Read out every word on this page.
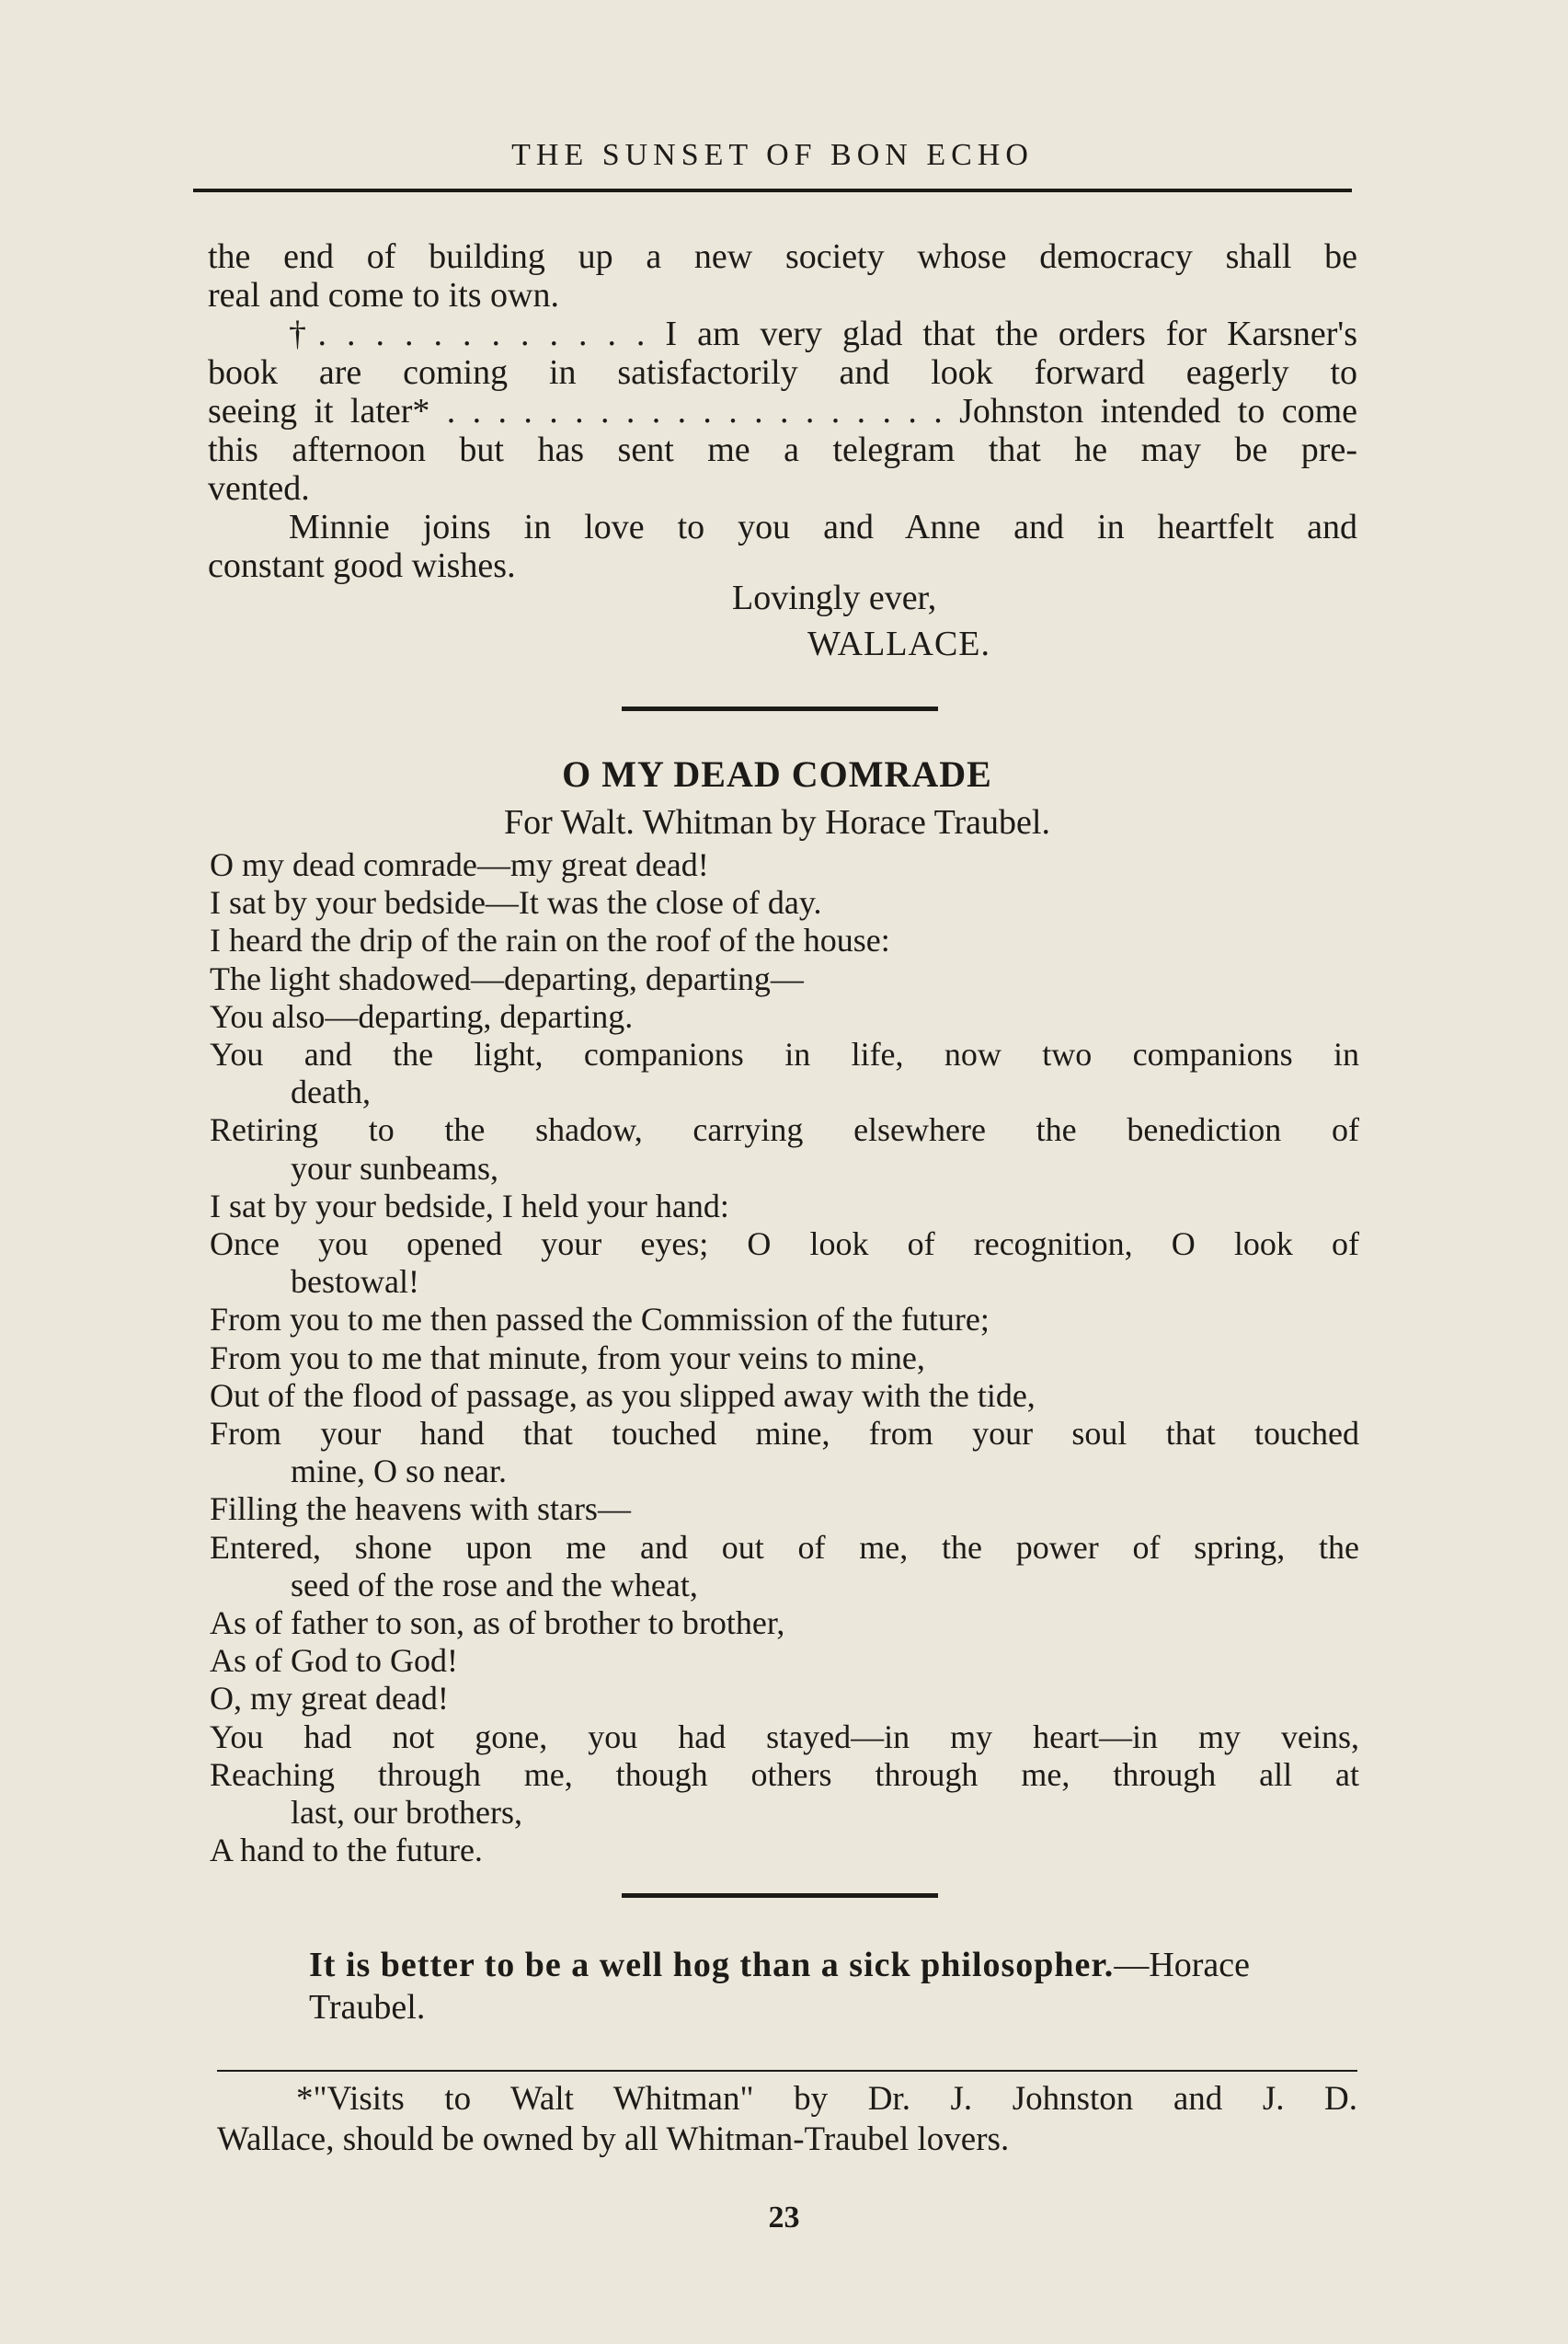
THE SUNSET OF BON ECHO
the end of building up a new society whose democracy shall be
real and come to its own.
†. . . . . . . . . . . . I am very glad that the orders for Karsner's
book are coming in satisfactorily and look forward eagerly to
seeing it later* . . . . . . . . . . . . . . . . . . . . Johnston intended to come
this afternoon but has sent me a telegram that he may be pre-
vented.
Minnie joins in love to you and Anne and in heartfelt and
constant good wishes.
Lovingly ever,
WALLACE.
O MY DEAD COMRADE
For Walt. Whitman by Horace Traubel.
O my dead comrade—my great dead!
I sat by your bedside—It was the close of day.
I heard the drip of the rain on the roof of the house:
The light shadowed—departing, departing—
You also—departing, departing.
You and the light, companions in life, now two companions in
death,
Retiring to the shadow, carrying elsewhere the benediction of
your sunbeams,
I sat by your bedside, I held your hand:
Once you opened your eyes; O look of recognition, O look of
bestowal!
From you to me then passed the Commission of the future;
From you to me that minute, from your veins to mine,
Out of the flood of passage, as you slipped away with the tide,
From your hand that touched mine, from your soul that touched
mine, O so near.
Filling the heavens with stars—
Entered, shone upon me and out of me, the power of spring, the
seed of the rose and the wheat,
As of father to son, as of brother to brother,
As of God to God!
O, my great dead!
You had not gone, you had stayed—in my heart—in my veins,
Reaching through me, though others through me, through all at
last, our brothers,
A hand to the future.
It is better to be a well hog than a sick philosopher.—Horace Traubel.
*"Visits to Walt Whitman" by Dr. J. Johnston and J. D.
Wallace, should be owned by all Whitman-Traubel lovers.
23
